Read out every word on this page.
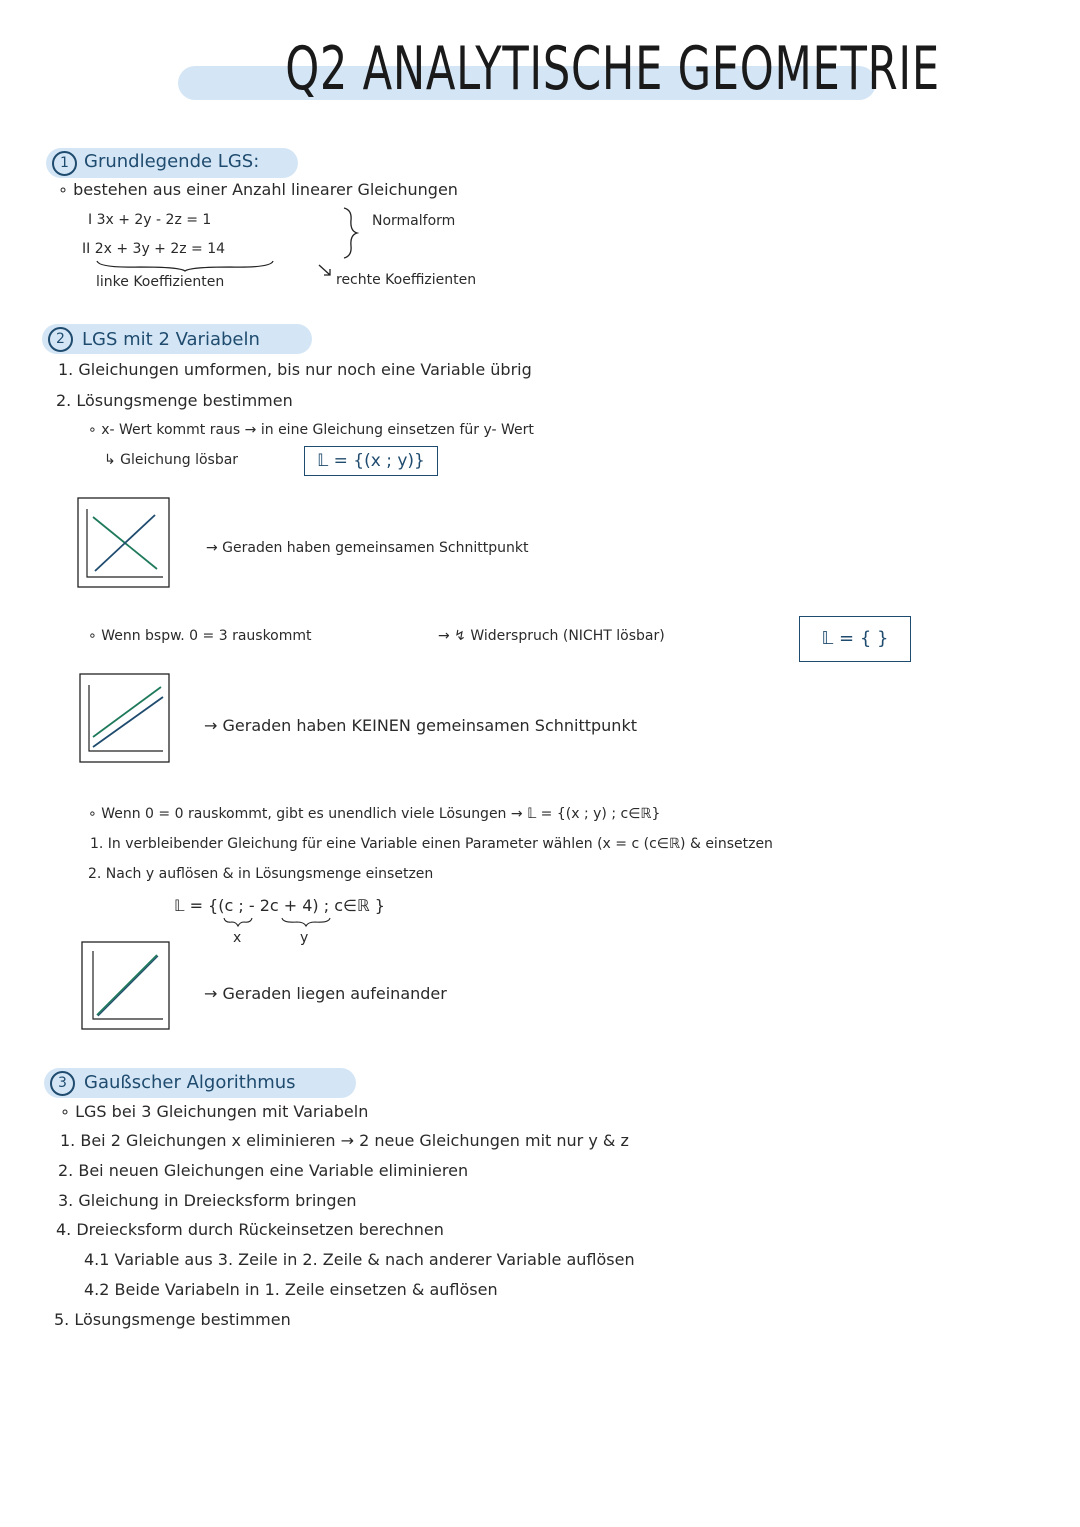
Q2 ANALYTISCHE GEOMETRIE
1 Grundlegende LGS:
∘ bestehen aus einer Anzahl linearer Gleichungen
I 3x + 2y - 2z = 1
II 2x + 3y + 2z = 14
Normalform
linke Koeffizienten	rechte Koeffizienten
2 LGS mit 2 Variabeln
1. Gleichungen umformen, bis nur noch eine Variable übrig
2. Lösungsmenge bestimmen
∘ x- Wert kommt raus → in eine Gleichung einsetzen für y- Wert
↳ Gleichung lösbar	𝕃 = {(x ; y)}
→ Geraden haben gemeinsamen Schnittpunkt
∘ Wenn bspw. 0 = 3 rauskommt	→ ↯ Widerspruch (NICHT lösbar)	𝕃 = { }
→ Geraden haben KEINEN gemeinsamen Schnittpunkt
∘ Wenn 0 = 0 rauskommt, gibt es unendlich viele Lösungen → 𝕃 = {(x ; y) ; c∈ℝ}
1. In verbleibender Gleichung für eine Variable einen Parameter wählen (x = c (c∈ℝ) & einsetzen
2. Nach y auflösen & in Lösungsmenge einsetzen
𝕃 = {(c ; - 2c + 4) ; c∈ℝ }
x	y
→ Geraden liegen aufeinander
3 Gaußscher Algorithmus
∘ LGS bei 3 Gleichungen mit Variabeln
1. Bei 2 Gleichungen x eliminieren → 2 neue Gleichungen mit nur y & z
2. Bei neuen Gleichungen eine Variable eliminieren
3. Gleichung in Dreiecksform bringen
4. Dreiecksform durch Rückeinsetzen berechnen
4.1 Variable aus 3. Zeile in 2. Zeile & nach anderer Variable auflösen
4.2 Beide Variabeln in 1. Zeile einsetzen & auflösen
5. Lösungsmenge bestimmen
